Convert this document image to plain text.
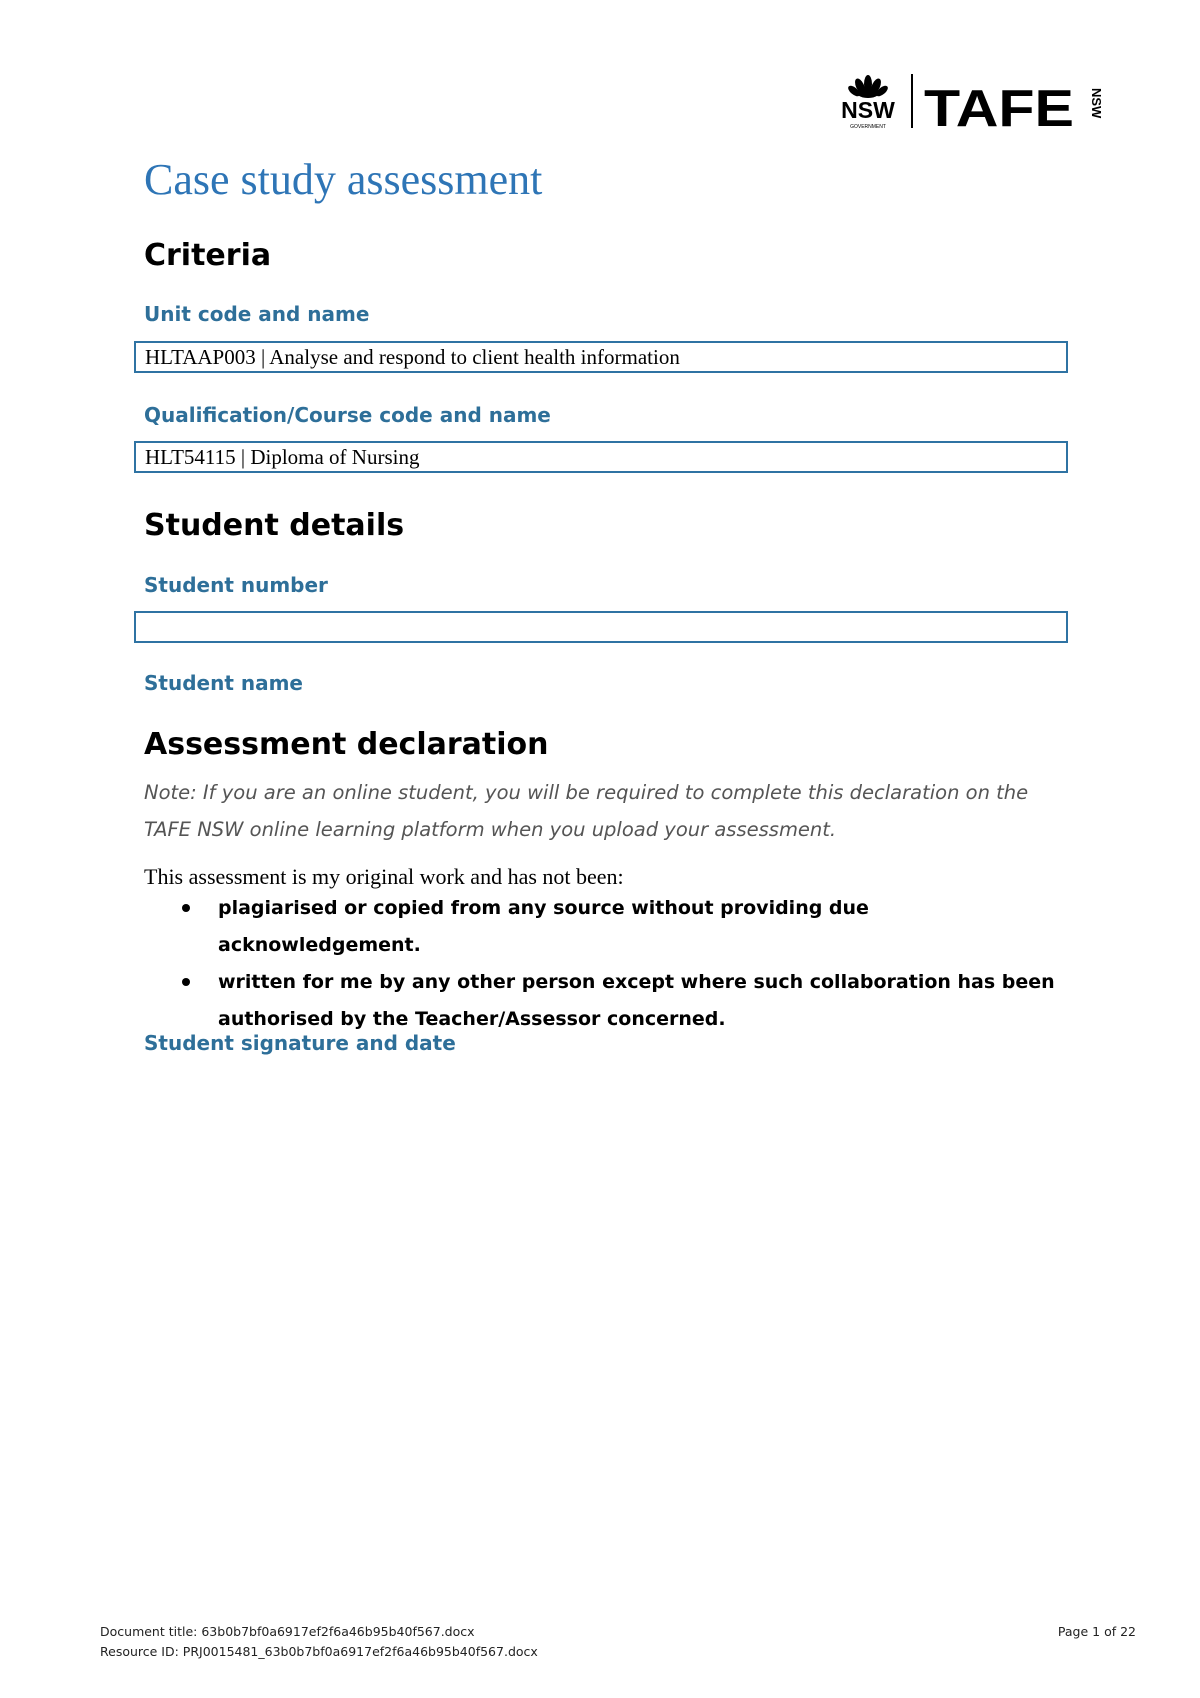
NSW
GOVERNMENT TAFE NSW
Case study assessment
Criteria
Unit code and name
HLTAAP003 | Analyse and respond to client health information
Qualification/Course code and name
HLT54115 | Diploma of Nursing
Student details
Student number
Student name
Assessment declaration

Note: If you are an online student, you will be required to complete this declaration on the TAFE NSW online learning platform when you upload your assessment.

This assessment is my original work and has not been:

plagiarised or copied from any source without providing due acknowledgement.
written for me by any other person except where such collaboration has been authorised by the Teacher/Assessor concerned.
Student signature and date
Document title: 63b0b7bf0a6917ef2f6a46b95b40f567.docx	Page 1 of 22
Resource ID: PRJ0015481_63b0b7bf0a6917ef2f6a46b95b40f567.docx
